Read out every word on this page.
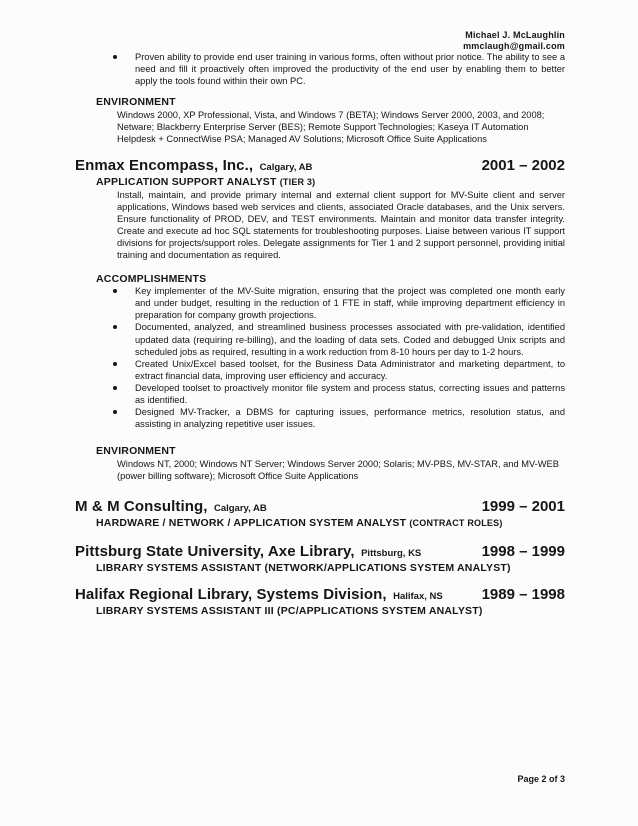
Michael J. McLaughlin
mmclaugh@gmail.com
Proven ability to provide end user training in various forms, often without prior notice. The ability to see a need and fill it proactively often improved the productivity of the end user by enabling them to better apply the tools found within their own PC.
ENVIRONMENT

Windows 2000, XP Professional, Vista, and Windows 7 (BETA); Windows Server 2000, 2003, and 2008; Netware; Blackberry Enterprise Server (BES); Remote Support Technologies; Kaseya IT Automation Helpdesk + ConnectWise PSA; Managed AV Solutions; Microsoft Office Suite Applications

Enmax Encompass, Inc., Calgary, AB	2001 – 2002
APPLICATION SUPPORT ANALYST (TIER 3)

Install, maintain, and provide primary internal and external client support for MV-Suite client and server applications, Windows based web services and clients, associated Oracle databases, and the Unix servers. Ensure functionality of PROD, DEV, and TEST environments. Maintain and monitor data transfer integrity. Create and execute ad hoc SQL statements for troubleshooting purposes. Liaise between various IT support divisions for projects/support roles. Delegate assignments for Tier 1 and 2 support personnel, providing initial training and documentation as required.

ACCOMPLISHMENTS
Key implementer of the MV-Suite migration, ensuring that the project was completed one month early and under budget, resulting in the reduction of 1 FTE in staff, while improving department efficiency in preparation for company growth projections.
Documented, analyzed, and streamlined business processes associated with pre-validation, identified updated data (requiring re-billing), and the loading of data sets. Coded and debugged Unix scripts and scheduled jobs as required, resulting in a work reduction from 8-10 hours per day to 1-2 hours.
Created Unix/Excel based toolset, for the Business Data Administrator and marketing department, to extract financial data, improving user efficiency and accuracy.
Developed toolset to proactively monitor file system and process status, correcting issues and patterns as identified.
Designed MV-Tracker, a DBMS for capturing issues, performance metrics, resolution status, and assisting in analyzing repetitive user issues.
ENVIRONMENT

Windows NT, 2000; Windows NT Server; Windows Server 2000; Solaris; MV-PBS, MV-STAR, and MV-WEB (power billing software); Microsoft Office Suite Applications

M & M Consulting, Calgary, AB	1999 – 2001
HARDWARE / NETWORK / APPLICATION SYSTEM ANALYST (CONTRACT ROLES)
Pittsburg State University, Axe Library, Pittsburg, KS	1998 – 1999
LIBRARY SYSTEMS ASSISTANT (NETWORK/APPLICATIONS SYSTEM ANALYST)
Halifax Regional Library, Systems Division, Halifax, NS	1989 – 1998
LIBRARY SYSTEMS ASSISTANT III (PC/APPLICATIONS SYSTEM ANALYST)
Page 2 of 3
